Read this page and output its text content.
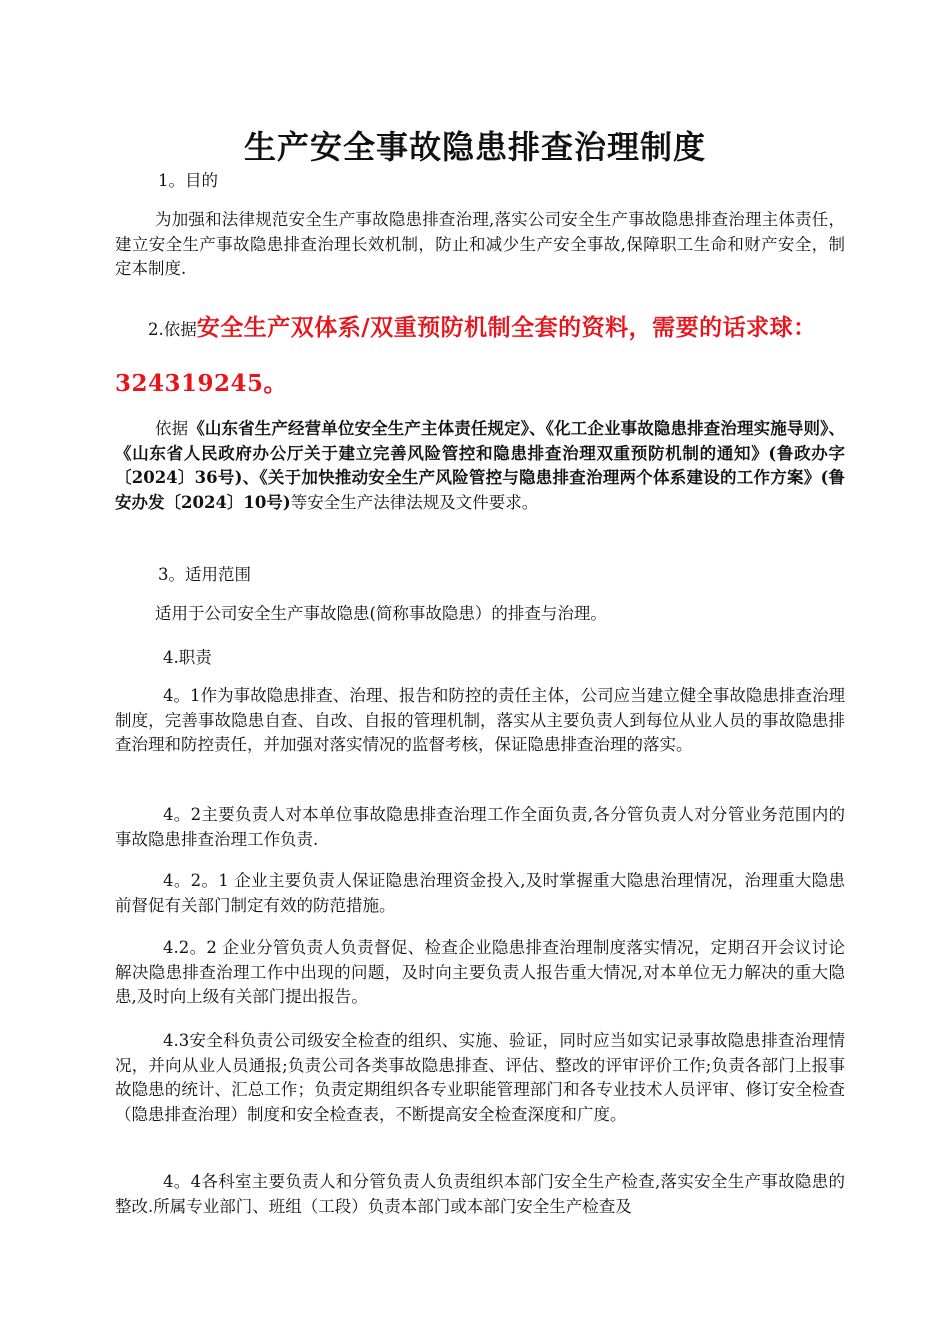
生产安全事故隐患排查治理制度

1。目的

为加强和法律规范安全生产事故隐患排查治理,落实公司安全生产事故隐患排查治理主体责任，建立安全生产事故隐患排查治理长效机制，防止和减少生产安全事故,保障职工生命和财产安全，制定本制度.

2.依据安全生产双体系/双重预防机制全套的资料，需要的话求球：324319245。

依据《山东省生产经营单位安全生产主体责任规定》、《化工企业事故隐患排查治理实施导则》、《山东省人民政府办公厅关于建立完善风险管控和隐患排查治理双重预防机制的通知》(鲁政办字〔2024〕36号)、《关于加快推动安全生产风险管控与隐患排查治理两个体系建设的工作方案》(鲁安办发〔2024〕10号)等安全生产法律法规及文件要求。

3。适用范围

适用于公司安全生产事故隐患(简称事故隐患）的排查与治理。

4.职责

4。1作为事故隐患排查、治理、报告和防控的责任主体，公司应当建立健全事故隐患排查治理制度，完善事故隐患自查、自改、自报的管理机制，落实从主要负责人到每位从业人员的事故隐患排查治理和防控责任，并加强对落实情况的监督考核，保证隐患排查治理的落实。

4。2主要负责人对本单位事故隐患排查治理工作全面负责,各分管负责人对分管业务范围内的事故隐患排查治理工作负责.

4。2。1 企业主要负责人保证隐患治理资金投入,及时掌握重大隐患治理情况，治理重大隐患前督促有关部门制定有效的防范措施。

4.2。2 企业分管负责人负责督促、检查企业隐患排查治理制度落实情况，定期召开会议讨论解决隐患排查治理工作中出现的问题，及时向主要负责人报告重大情况,对本单位无力解决的重大隐患,及时向上级有关部门提出报告。

4.3安全科负责公司级安全检查的组织、实施、验证，同时应当如实记录事故隐患排查治理情况，并向从业人员通报;负责公司各类事故隐患排查、评估、整改的评审评价工作;负责各部门上报事故隐患的统计、汇总工作；负责定期组织各专业职能管理部门和各专业技术人员评审、修订安全检查（隐患排查治理）制度和安全检查表，不断提高安全检查深度和广度。

4。4各科室主要负责人和分管负责人负责组织本部门安全生产检查,落实安全生产事故隐患的整改.所属专业部门、班组（工段）负责本部门或本部门安全生产检查及
